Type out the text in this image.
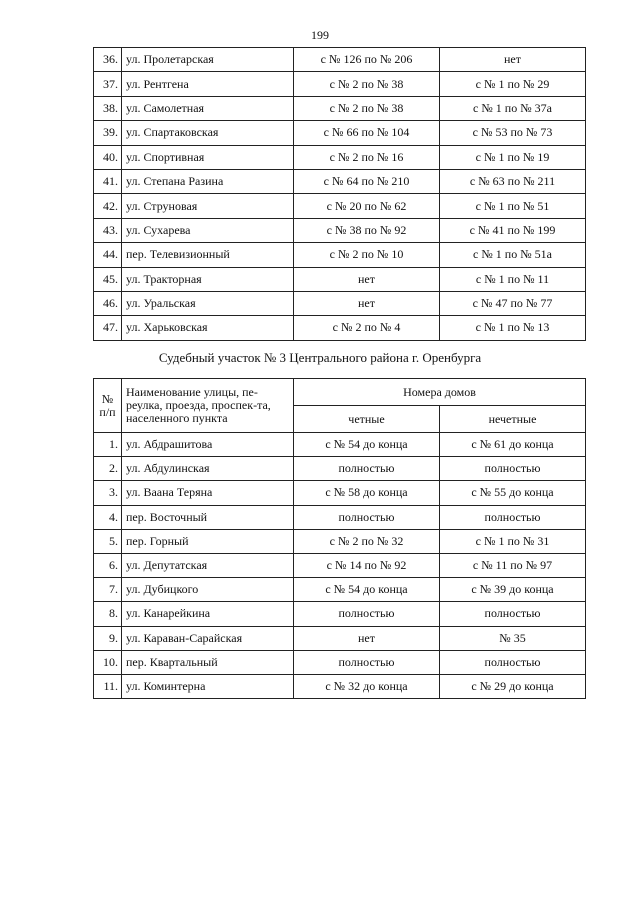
199
36.	ул. Пролетарская	с № 126 по № 206	нет
37.	ул. Рентгена	с № 2 по № 38	с № 1 по № 29
38.	ул. Самолетная	с № 2 по № 38	с № 1 по № 37а
39.	ул. Спартаковская	с № 66 по № 104	с № 53 по № 73
40.	ул. Спортивная	с № 2 по № 16	с № 1 по № 19
41.	ул. Степана Разина	с № 64 по № 210	с № 63 по № 211
42.	ул. Струновая	с № 20 по № 62	с № 1 по № 51
43.	ул. Сухарева	с № 38 по № 92	с № 41 по № 199
44.	пер. Телевизионный	с № 2 по № 10	с № 1 по № 51а
45.	ул. Тракторная	нет	с № 1 по № 11
46.	ул. Уральская	нет	с № 47 по № 77
47.	ул. Харьковская	с № 2 по № 4	с № 1 по № 13
Судебный участок № 3 Центрального района г. Оренбурга
№ п/п	Наименование улицы, пе-реулка, проезда, проспек-та, населенного пункта	Номера домов	
		четные	нечетные
1.	ул. Абдрашитова	с № 54 до конца	с № 61 до конца
2.	ул. Абдулинская	полностью	полностью
3.	ул. Ваана Теряна	с № 58 до конца	с № 55 до конца
4.	пер. Восточный	полностью	полностью
5.	пер. Горный	с № 2 по № 32	с № 1 по № 31
6.	ул. Депутатская	с № 14 по № 92	с № 11 по № 97
7.	ул. Дубицкого	с № 54 до конца	с № 39 до конца
8.	ул. Канарейкина	полностью	полностью
9.	ул. Караван-Сарайская	нет	№ 35
10.	пер. Квартальный	полностью	полностью
11.	ул. Коминтерна	с № 32 до конца	с № 29 до конца
